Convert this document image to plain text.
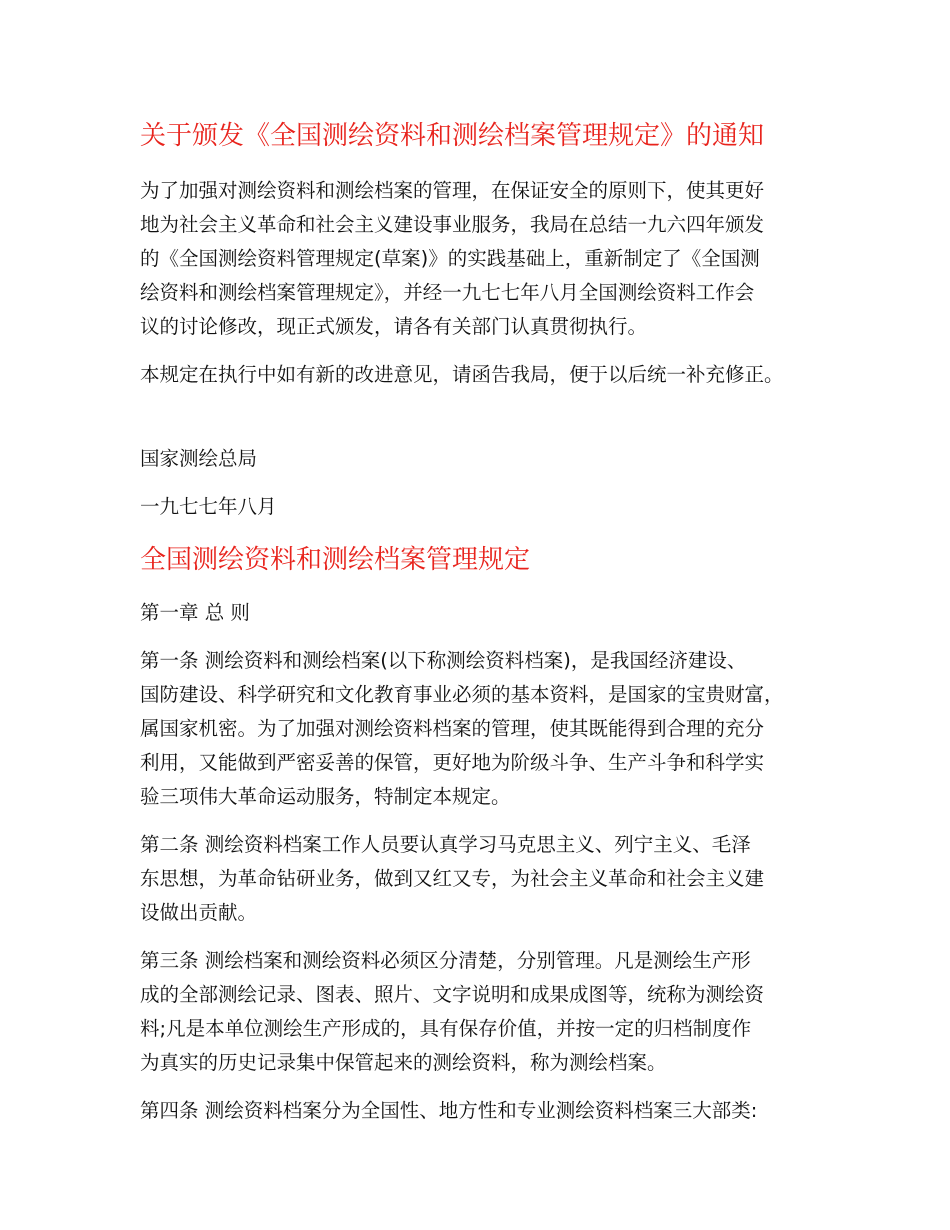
关于颁发《全国测绘资料和测绘档案管理规定》的通知

为了加强对测绘资料和测绘档案的管理，在保证安全的原则下，使其更好
地为社会主义革命和社会主义建设事业服务，我局在总结一九六四年颁发
的《全国测绘资料管理规定(草案)》的实践基础上，重新制定了《全国测
绘资料和测绘档案管理规定》，并经一九七七年八月全国测绘资料工作会
议的讨论修改，现正式颁发，请各有关部门认真贯彻执行。

本规定在执行中如有新的改进意见，请函告我局，便于以后统一补充修正。

国家测绘总局

一九七七年八月

全国测绘资料和测绘档案管理规定

第一章 总 则

第一条 测绘资料和测绘档案(以下称测绘资料档案)，是我国经济建设、
国防建设、科学研究和文化教育事业必须的基本资料，是国家的宝贵财富，
属国家机密。为了加强对测绘资料档案的管理，使其既能得到合理的充分
利用，又能做到严密妥善的保管，更好地为阶级斗争、生产斗争和科学实
验三项伟大革命运动服务，特制定本规定。

第二条 测绘资料档案工作人员要认真学习马克思主义、列宁主义、毛泽
东思想，为革命钻研业务，做到又红又专，为社会主义革命和社会主义建
设做出贡献。

第三条 测绘档案和测绘资料必须区分清楚，分别管理。凡是测绘生产形
成的全部测绘记录、图表、照片、文字说明和成果成图等，统称为测绘资
料;凡是本单位测绘生产形成的，具有保存价值，并按一定的归档制度作
为真实的历史记录集中保管起来的测绘资料，称为测绘档案。

第四条 测绘资料档案分为全国性、地方性和专业测绘资料档案三大部类:
